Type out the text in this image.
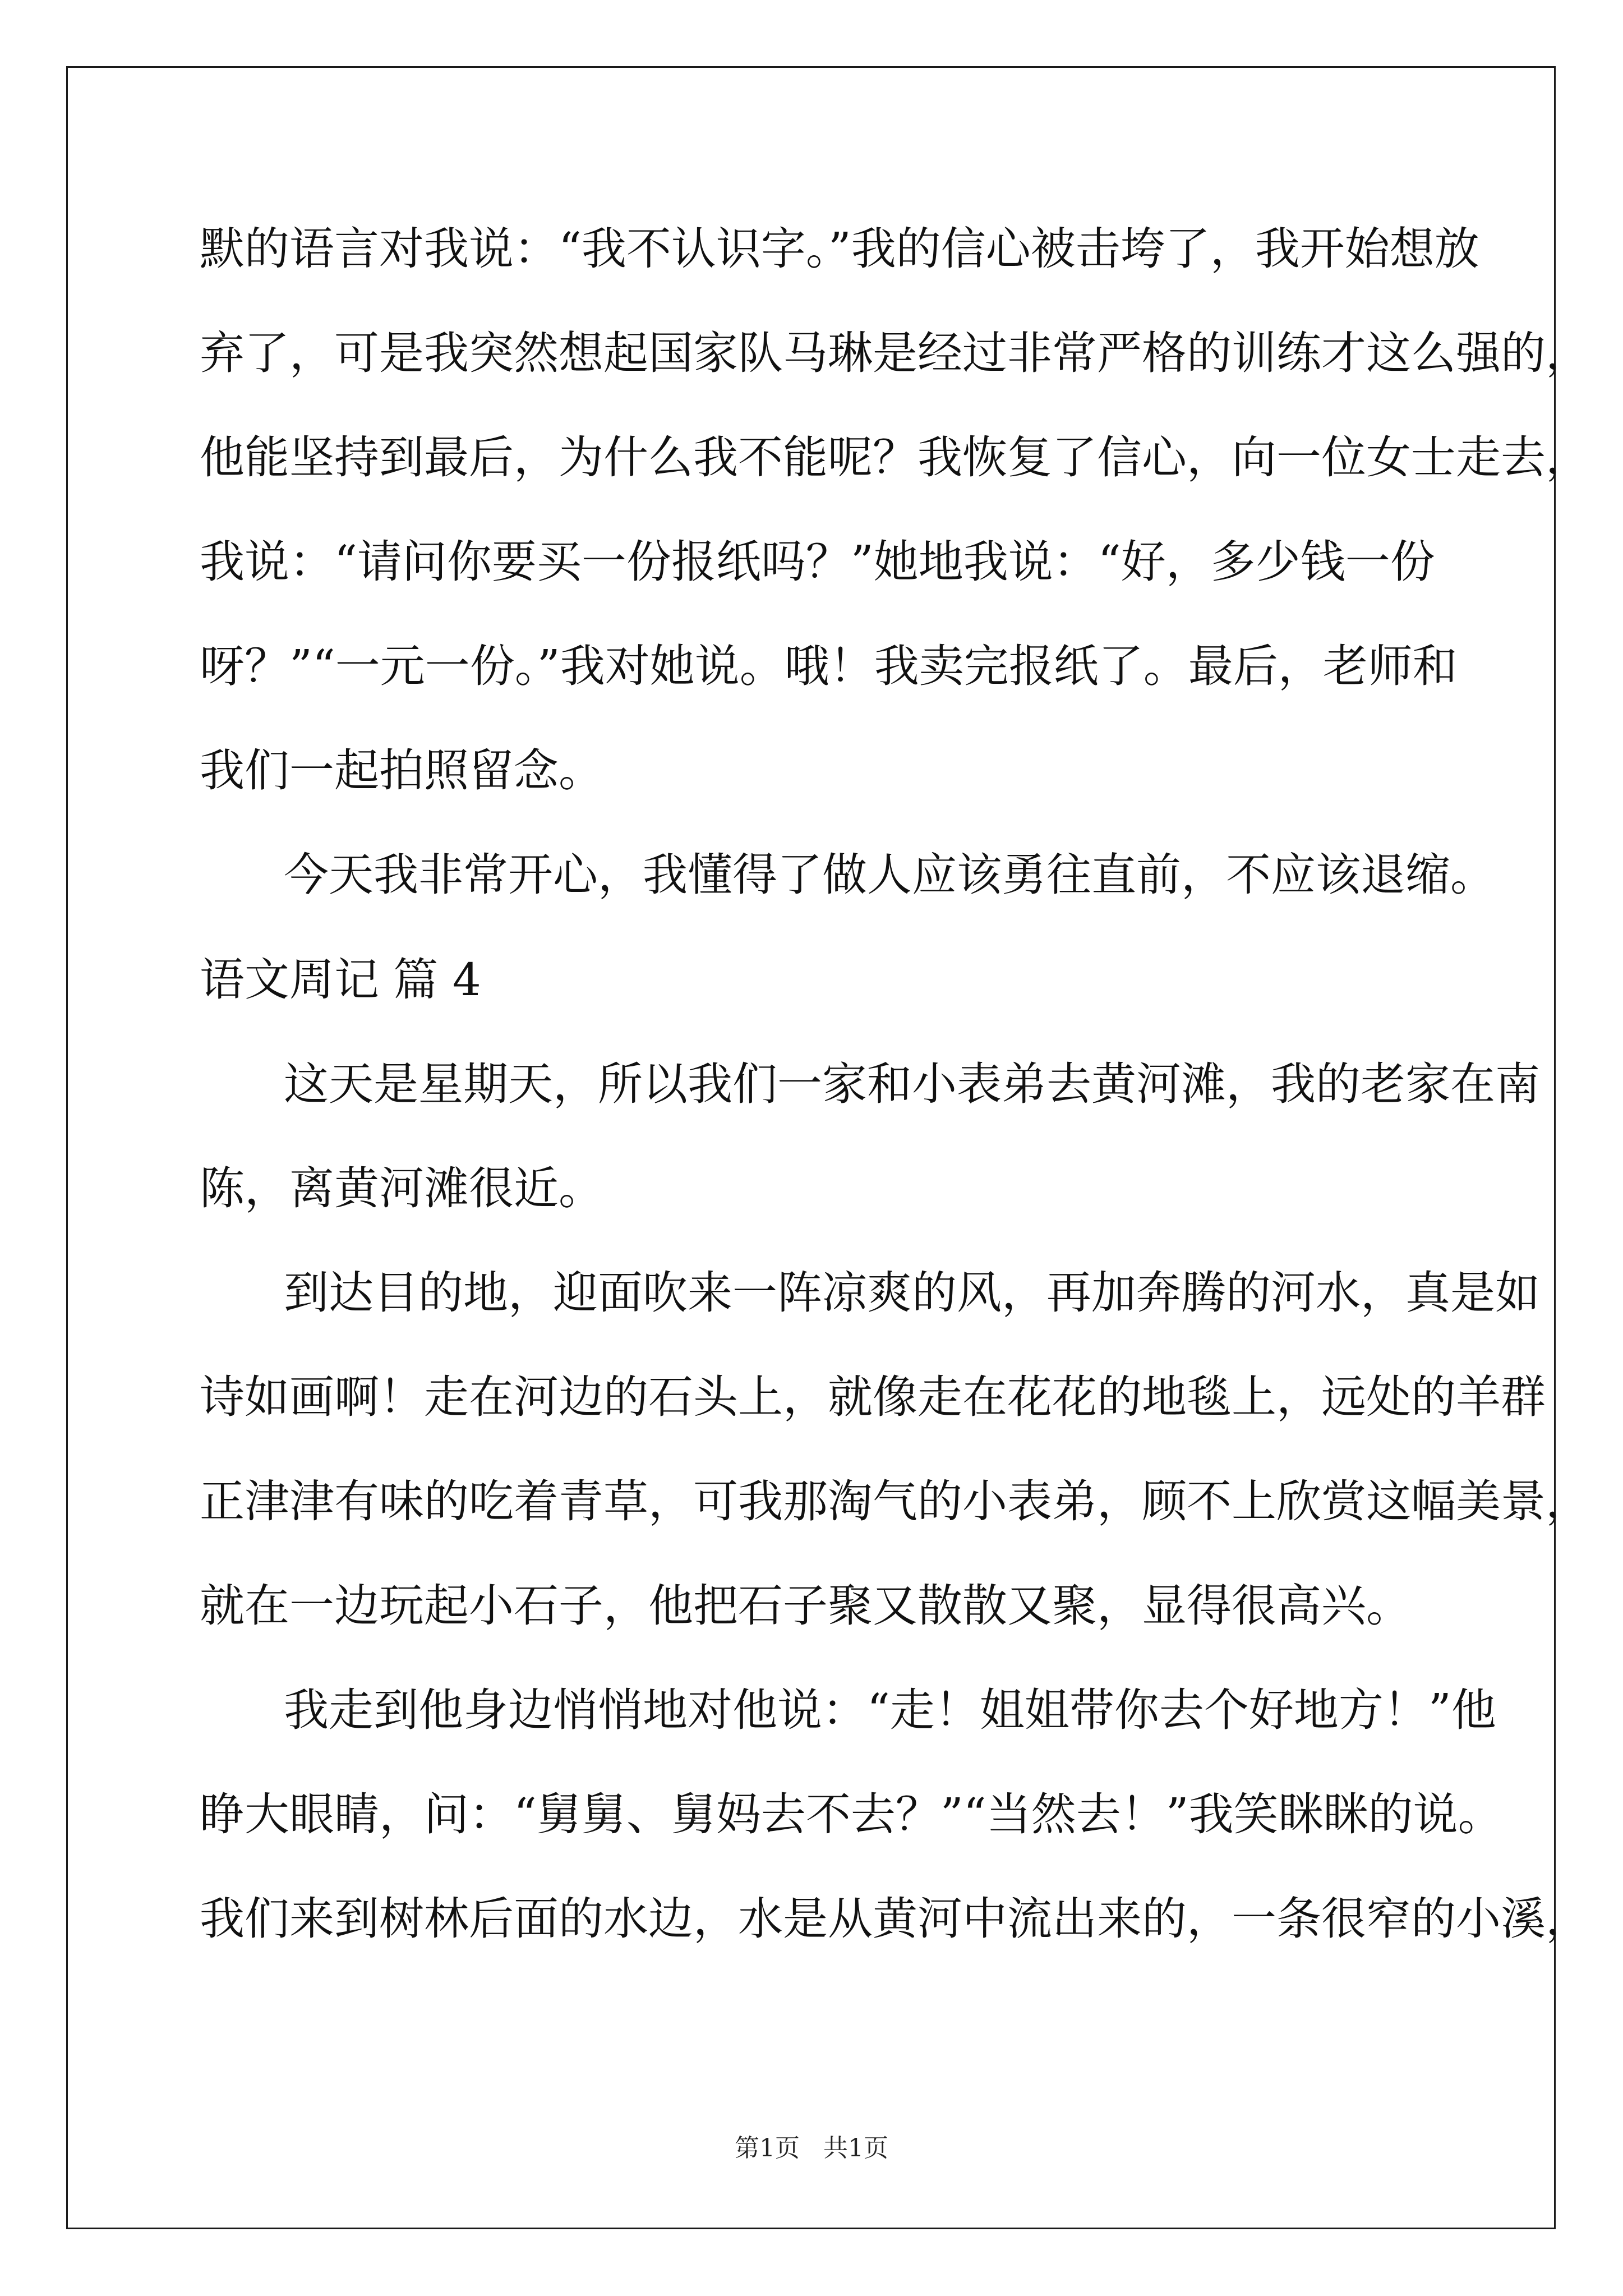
默的语言对我说：“我不认识字。”我的信心被击垮了，我开始想放
弃了，可是我突然想起国家队马琳是经过非常严格的训练才这么强的，
他能坚持到最后，为什么我不能呢？我恢复了信心，向一位女士走去，
我说：“请问你要买一份报纸吗？”她地我说：“好，多少钱一份
呀？”“一元一份。”我对她说。哦！我卖完报纸了。最后，老师和
我们一起拍照留念。
今天我非常开心，我懂得了做人应该勇往直前，不应该退缩。
语文周记 篇 4
这天是星期天，所以我们一家和小表弟去黄河滩，我的老家在南
陈，离黄河滩很近。
到达目的地，迎面吹来一阵凉爽的风，再加奔腾的河水，真是如
诗如画啊！走在河边的石头上，就像走在花花的地毯上，远处的羊群
正津津有味的吃着青草，可我那淘气的小表弟，顾不上欣赏这幅美景，
就在一边玩起小石子，他把石子聚又散散又聚，显得很高兴。
我走到他身边悄悄地对他说：“走！姐姐带你去个好地方！”他
睁大眼睛，问：“舅舅、舅妈去不去？”“当然去！”我笑眯眯的说。
我们来到树林后面的水边，水是从黄河中流出来的，一条很窄的小溪，
第1页 共1页
